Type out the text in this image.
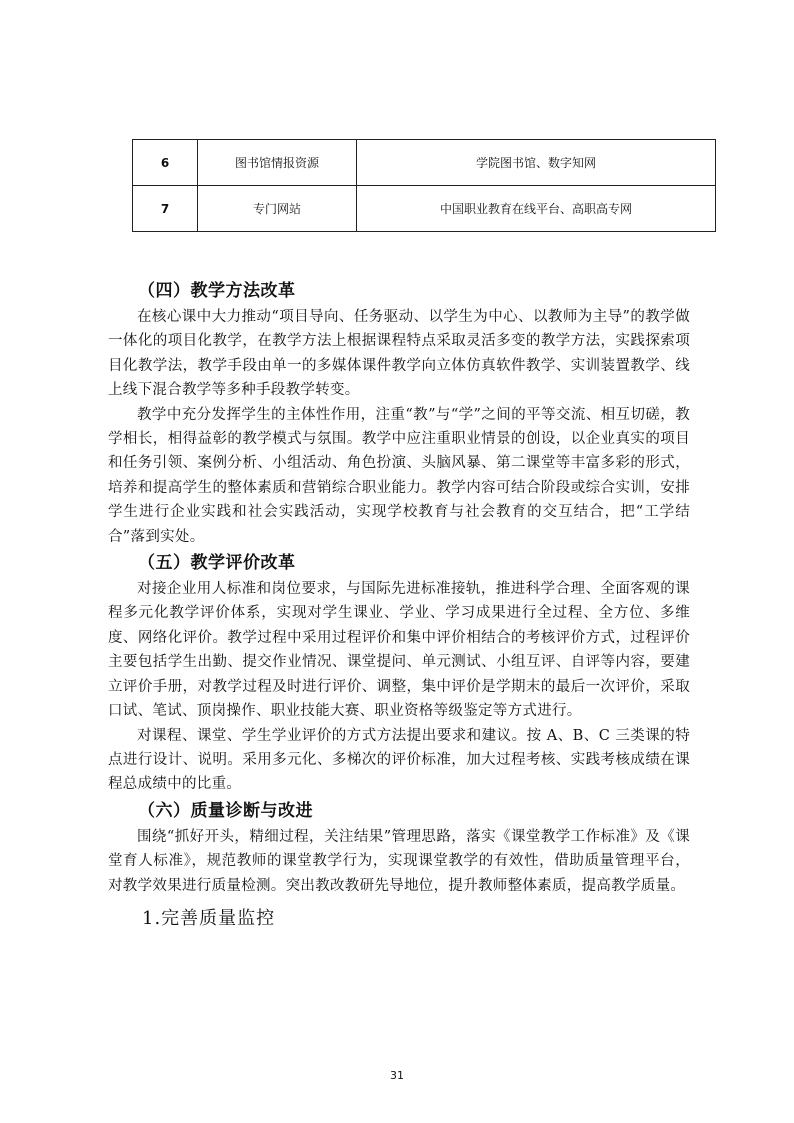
6	图书馆情报资源	学院图书馆、数字知网
7	专门网站	中国职业教育在线平台、高职高专网
（四）教学方法改革

在核心课中大力推动“项目导向、任务驱动、以学生为中心、以教师为主导”的教学做一体化的项目化教学，在教学方法上根据课程特点采取灵活多变的教学方法，实践探索项目化教学法，教学手段由单一的多媒体课件教学向立体仿真软件教学、实训装置教学、线上线下混合教学等多种手段教学转变。

教学中充分发挥学生的主体性作用，注重“教”与“学”之间的平等交流、相互切磋，教学相长，相得益彰的教学模式与氛围。教学中应注重职业情景的创设，以企业真实的项目和任务引领、案例分析、小组活动、角色扮演、头脑风暴、第二课堂等丰富多彩的形式，培养和提高学生的整体素质和营销综合职业能力。教学内容可结合阶段或综合实训，安排学生进行企业实践和社会实践活动，实现学校教育与社会教育的交互结合，把“工学结合”落到实处。

（五）教学评价改革

对接企业用人标准和岗位要求，与国际先进标准接轨，推进科学合理、全面客观的课程多元化教学评价体系，实现对学生课业、学业、学习成果进行全过程、全方位、多维度、网络化评价。教学过程中采用过程评价和集中评价相结合的考核评价方式，过程评价主要包括学生出勤、提交作业情况、课堂提问、单元测试、小组互评、自评等内容，要建立评价手册，对教学过程及时进行评价、调整，集中评价是学期末的最后一次评价，采取口试、笔试、顶岗操作、职业技能大赛、职业资格等级鉴定等方式进行。

对课程、课堂、学生学业评价的方式方法提出要求和建议。按 A、B、C 三类课的特点进行设计、说明。采用多元化、多梯次的评价标准，加大过程考核、实践考核成绩在课程总成绩中的比重。

（六）质量诊断与改进

围绕“抓好开头，精细过程，关注结果”管理思路，落实《课堂教学工作标准》及《课堂育人标准》，规范教师的课堂教学行为，实现课堂教学的有效性，借助质量管理平台，对教学效果进行质量检测。突出教改教研先导地位，提升教师整体素质，提高教学质量。

1.完善质量监控
31
